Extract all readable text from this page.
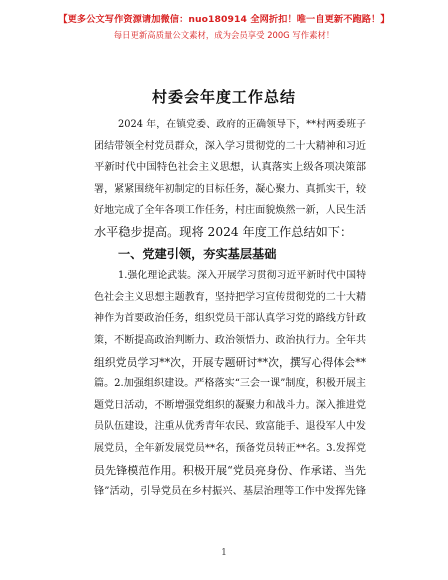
【更多公文写作资源请加微信：nuo180914 全网折扣！唯一自更新不跑路！】
每日更新高质量公文素材，成为会员享受 200G 写作素材！
村委会年度工作总结
2024 年，在镇党委、政府的正确领导下，**村两委班子
团结带领全村党员群众，深入学习贯彻党的二十大精神和习近
平新时代中国特色社会主义思想，认真落实上级各项决策部
署，紧紧围绕年初制定的目标任务，凝心聚力、真抓实干，较
好地完成了全年各项工作任务，村庄面貌焕然一新，人民生活
水平稳步提高。现将 2024 年度工作总结如下：
一、党建引领，夯实基层基础
1.强化理论武装。深入开展学习贯彻习近平新时代中国特
色社会主义思想主题教育，坚持把学习宣传贯彻党的二十大精
神作为首要政治任务，组织党员干部认真学习党的路线方针政
策，不断提高政治判断力、政治领悟力、政治执行力。全年共
组织党员学习**次，开展专题研讨**次，撰写心得体会**
篇。2.加强组织建设。严格落实“三会一课”制度，积极开展主
题党日活动，不断增强党组织的凝聚力和战斗力。深入推进党
员队伍建设，注重从优秀青年农民、致富能手、退役军人中发
展党员，全年新发展党员**名，预备党员转正**名。3.发挥党
员先锋模范作用。积极开展“党员亮身份、作承诺、当先
锋”活动，引导党员在乡村振兴、基层治理等工作中发挥先锋
1
